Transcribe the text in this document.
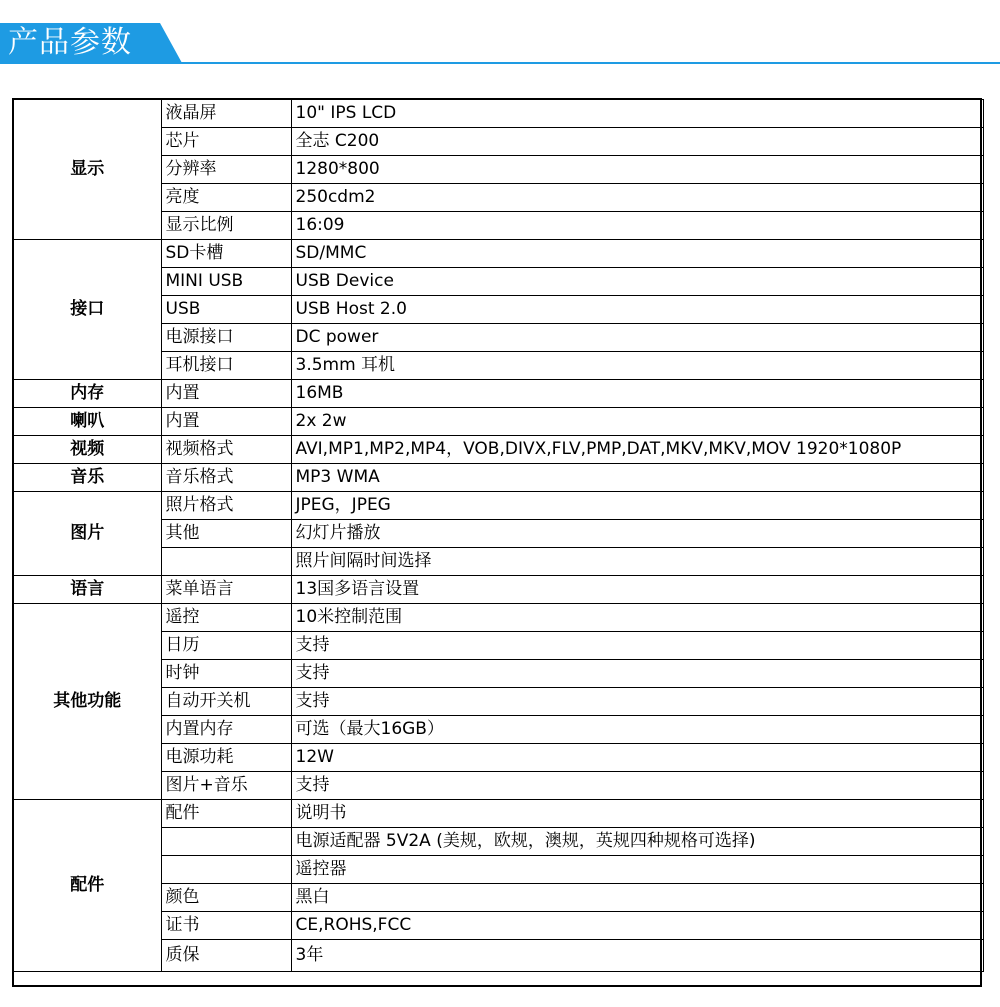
产品参数
显示	液晶屏	10" IPS LCD
	芯片	全志 C200
	分辨率	1280*800
	亮度	250cdm2
	显示比例	16:09
接口	SD卡槽	SD/MMC
	MINI USB	USB Device
	USB	USB Host 2.0
	电源接口	DC power
	耳机接口	3.5mm 耳机
内存	内置	16MB
喇叭	内置	2x 2w
视频	视频格式	AVI,MP1,MP2,MP4，VOB,DIVX,FLV,PMP,DAT,MKV,MKV,MOV 1920*1080P
音乐	音乐格式	MP3 WMA
图片	照片格式	JPEG，JPEG
	其他	幻灯片播放
		照片间隔时间选择
语言	菜单语言	13国多语言设置
其他功能	遥控	10米控制范围
	日历	支持
	时钟	支持
	自动开关机	支持
	内置内存	可选（最大16GB）
	电源功耗	12W
	图片+音乐	支持
配件	配件	说明书
		电源适配器 5V2A (美规，欧规，澳规，英规四种规格可选择)
		遥控器
	颜色	黑白
	证书	CE,ROHS,FCC
	质保	3年
